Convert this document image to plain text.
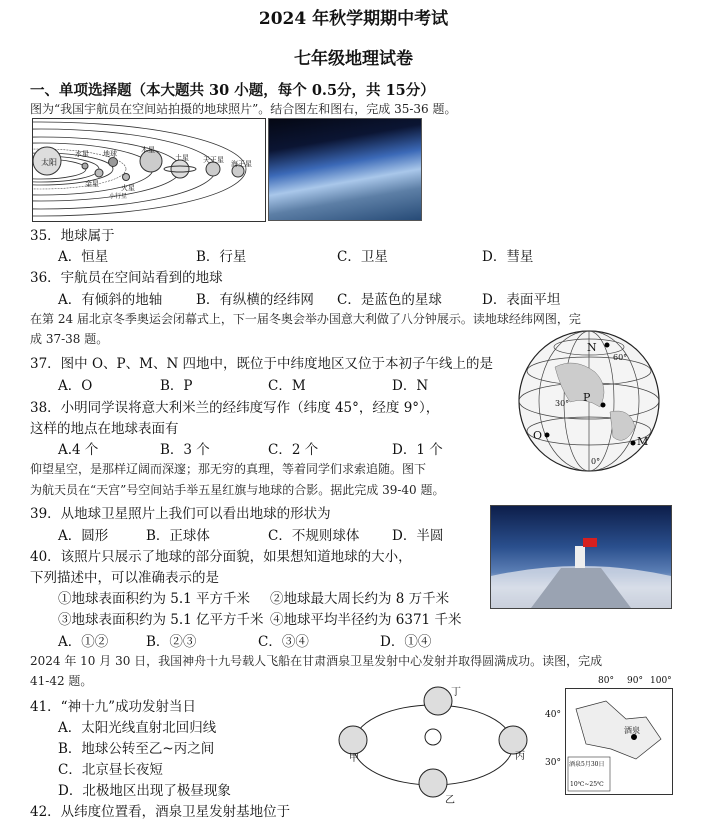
2024 年秋学期期中考试
七年级地理试卷
一、单项选择题（本大题共 30 小题，每个 0.5分，共 15分）
图为“我国宇航员在空间站拍摄的地球照片”。结合图左和图右，完成 35-36 题。
太阳
水星
金星
地球
火星
木星
土星 天王星 海王星
小行星
35．地球属于
A．恒星	B．行星	C．卫星	D．彗星
36．宇航员在空间站看到的地球
A．有倾斜的地轴	B．有纵横的经纬网 C．是蓝色的星球	D．表面平坦
在第 24 届北京冬季奥运会闭幕式上，下一届冬奥会举办国意大利做了八分钟展示。读地球经纬网图，完
成 37-38 题。
N
P
O	M
60°
30°
0°
37．图中 O、P、M、N 四地中，既位于中纬度地区又位于本初子午线上的是
A．O	B．P	C．M	D．N
38．小明同学误将意大利米兰的经纬度写作（纬度 45°，经度 9°），
这样的地点在地球表面有
A.4 个	B．3 个	C．2 个	D．1 个
仰望星空，是那样辽阔而深邃；那无穷的真理，等着同学们求索追随。图下
为航天员在“天宫”号空间站手举五星红旗与地球的合影。据此完成 39-40 题。
39．从地球卫星照片上我们可以看出地球的形状为
A．圆形	B．正球体	C．不规则球体 D．半圆
40．该照片只展示了地球的部分面貌，如果想知道地球的大小，
下列描述中，可以准确表示的是
①地球表面积约为 5.1 平方千米 ②地球最大周长约为 8 万千米
③地球表面积约为 5.1 亿平方千米 ④地球平均半径约为 6371 千米
A．①②	B．②③	C．③④	D．①④
2024 年 10 月 30 日，我国神舟十九号载人飞船在甘肃酒泉卫星发射中心发射并取得圆满成功。读图，完成
41-42 题。
甲
乙
丙
丁
80° 90° 100°
40°
30°
酒泉
酒泉5月30日
10℃~25℃
41．“神十九”成功发射当日
A．太阳光线直射北回归线
B．地球公转至乙~丙之间
C．北京昼长夜短
D．北极地区出现了极昼现象
42．从纬度位置看，酒泉卫星发射基地位于
